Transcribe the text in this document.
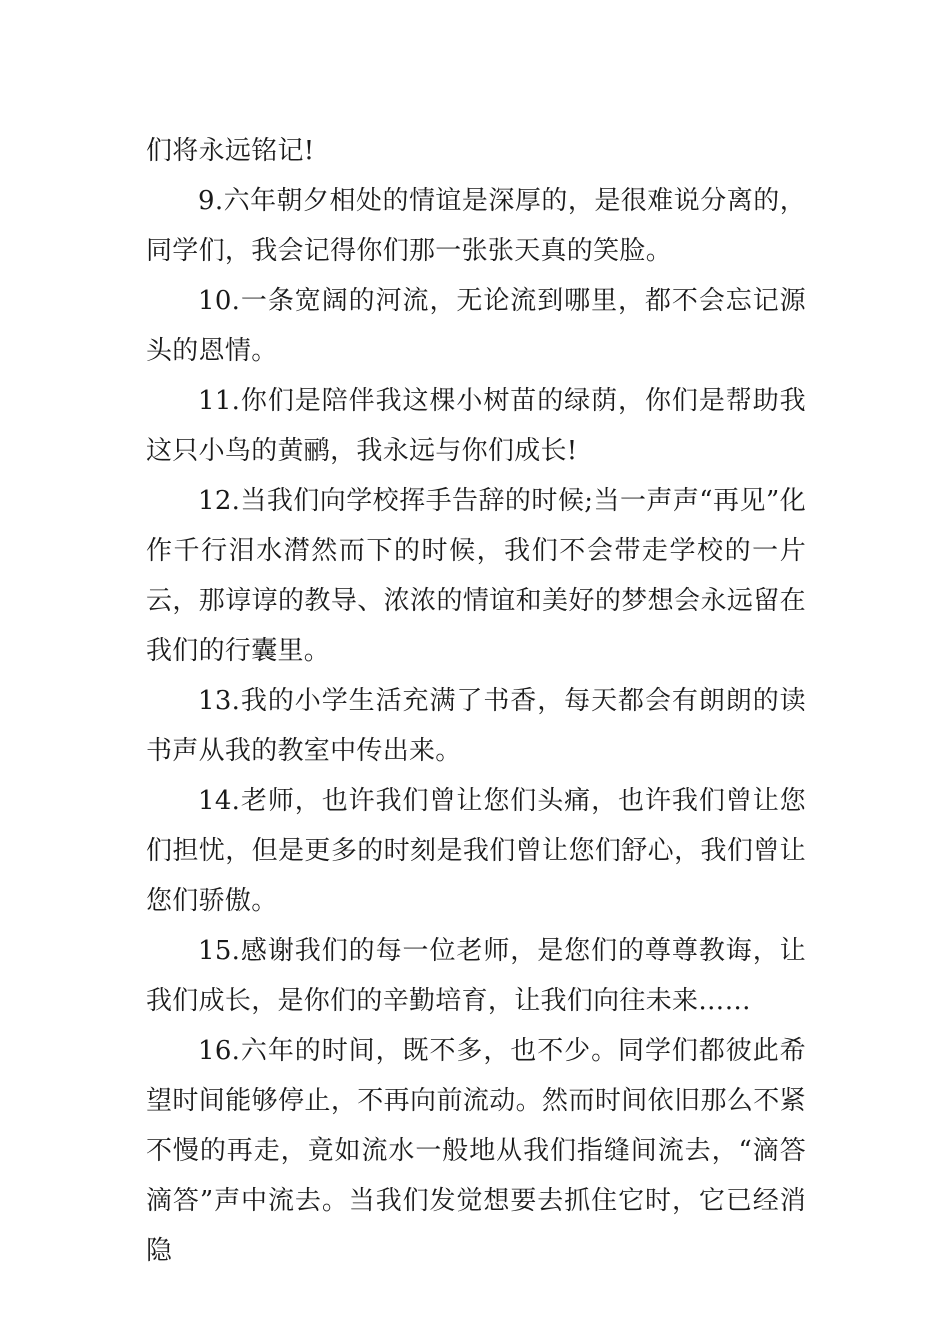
们将永远铭记!

9.六年朝夕相处的情谊是深厚的，是很难说分离的，同学们，我会记得你们那一张张天真的笑脸。

10.一条宽阔的河流，无论流到哪里，都不会忘记源头的恩情。

11.你们是陪伴我这棵小树苗的绿荫，你们是帮助我这只小鸟的黄鹂，我永远与你们成长!

12.当我们向学校挥手告辞的时候;当一声声“再见”化作千行泪水潸然而下的时候，我们不会带走学校的一片云，那谆谆的教导、浓浓的情谊和美好的梦想会永远留在我们的行囊里。

13.我的小学生活充满了书香，每天都会有朗朗的读书声从我的教室中传出来。

14.老师，也许我们曾让您们头痛，也许我们曾让您们担忧，但是更多的时刻是我们曾让您们舒心，我们曾让您们骄傲。

15.感谢我们的每一位老师，是您们的尊尊教诲，让我们成长，是你们的辛勤培育，让我们向往未来……

16.六年的时间，既不多，也不少。同学们都彼此希望时间能够停止，不再向前流动。然而时间依旧那么不紧不慢的再走，竟如流水一般地从我们指缝间流去，“滴答滴答”声中流去。当我们发觉想要去抓住它时，它已经消隐
